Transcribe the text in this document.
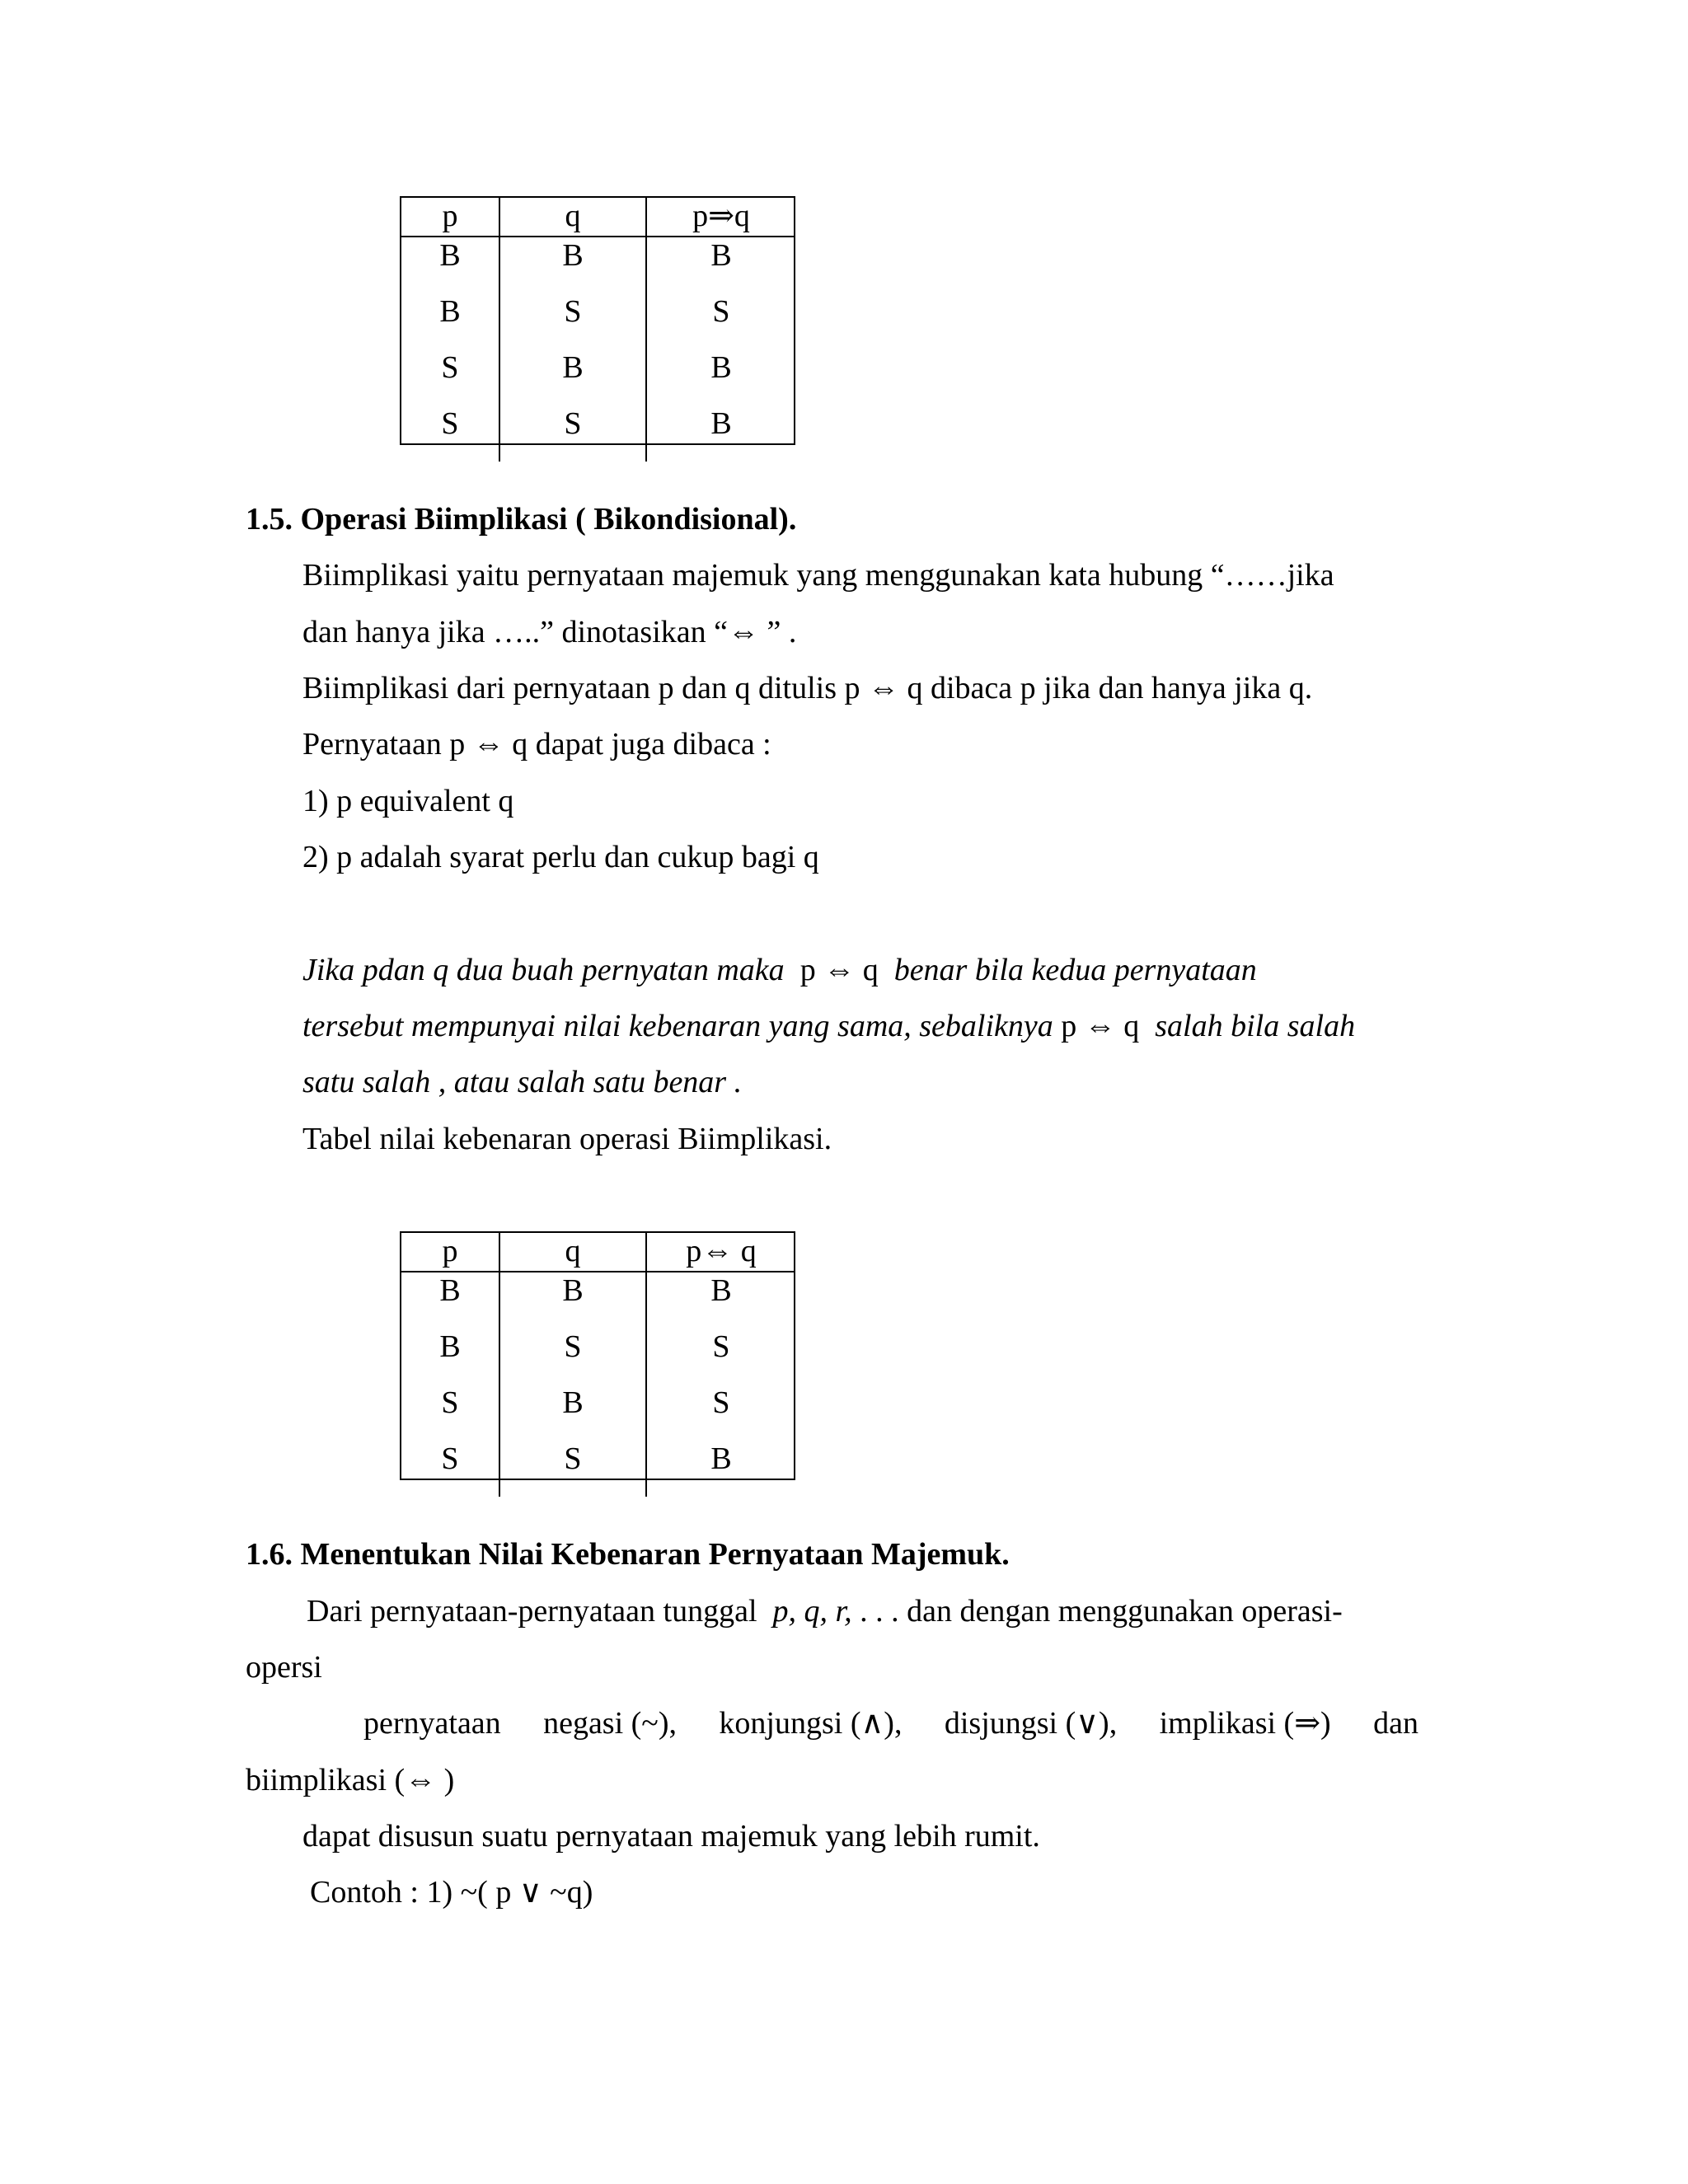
p	q	p⇒q
B	B	B
B	S	S
S	B	B
S	S	B
1.5. Operasi Biimplikasi ( Bikondisional).
Biimplikasi yaitu pernyataan majemuk yang menggunakan kata hubung “……jika
dan hanya jika …..” dinotasikan “⇔ ” .
Biimplikasi dari pernyataan p dan q ditulis p ⇔ q dibaca p jika dan hanya jika q.
Pernyataan p ⇔ q dapat juga dibaca :
1) p equivalent q
2) p adalah syarat perlu dan cukup bagi q
Jika pdan q dua buah pernyatan maka p ⇔ q benar bila kedua pernyataan
tersebut mempunyai nilai kebenaran yang sama, sebaliknya p ⇔ q salah bila salah
satu salah , atau salah satu benar .
Tabel nilai kebenaran operasi Biimplikasi.
p	q	p⇔ q
B	B	B
B	S	S
S	B	S
S	S	B
1.6. Menentukan Nilai Kebenaran Pernyataan Majemuk.
Dari pernyataan-pernyataan tunggal p, q, r, . . . dan dengan menggunakan operasi-
opersi
pernyataan negasi (~), konjungsi (∧), disjungsi (∨), implikasi (⇒) dan
biimplikasi (⇔ )
dapat disusun suatu pernyataan majemuk yang lebih rumit.
Contoh : 1) ~( p ∨ ~q)
